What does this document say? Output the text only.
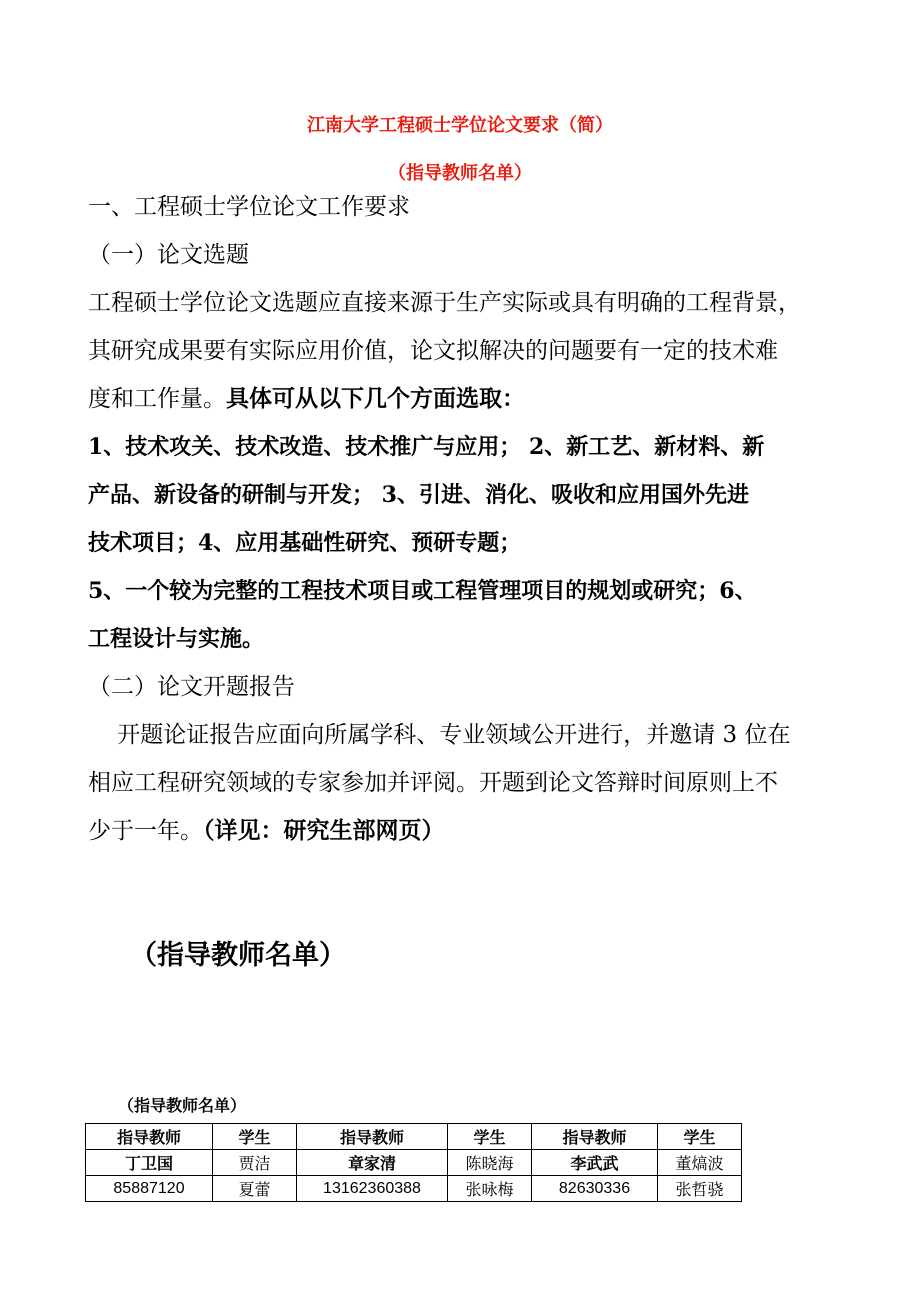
江南大学工程硕士学位论文要求（简）
（指导教师名单）

一、工程硕士学位论文工作要求

（一）论文选题

工程硕士学位论文选题应直接来源于生产实际或具有明确的工程背景，

其研究成果要有实际应用价值，论文拟解决的问题要有一定的技术难

度和工作量。具体可从以下几个方面选取：

1、技术攻关、技术改造、技术推广与应用； 2、新工艺、新材料、新

产品、新设备的研制与开发； 3、引进、消化、吸收和应用国外先进

技术项目；4、应用基础性研究、预研专题；

5、一个较为完整的工程技术项目或工程管理项目的规划或研究；6、

工程设计与实施。

（二）论文开题报告

开题论证报告应面向所属学科、专业领域公开进行，并邀请 3 位在

相应工程研究领域的专家参加并评阅。开题到论文答辩时间原则上不

少于一年。（详见：研究生部网页）

（指导教师名单）
（指导教师名单）
指导教师	学生	指导教师	学生	指导教师	学生
丁卫国	贾洁	章家清	陈晓海	李武武	董熇波
85887120	夏蕾	13162360388	张咏梅	82630336	张哲骁
